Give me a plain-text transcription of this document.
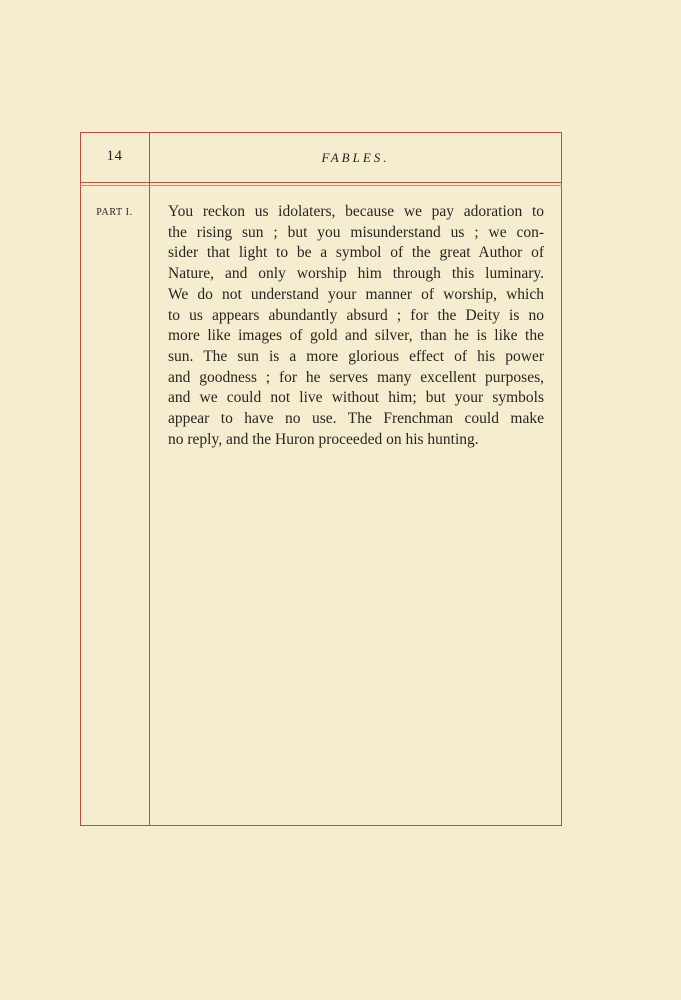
14	FABLES.
PART I.	You reckon us idolaters, because we pay adoration to
the rising sun ; but you misunderstand us ; we con-
sider that light to be a symbol of the great Author of
Nature, and only worship him through this luminary.
We do not understand your manner of worship, which
to us appears abundantly absurd ; for the Deity is no
more like images of gold and silver, than he is like the
sun. The sun is a more glorious effect of his power
and goodness ; for he serves many excellent purposes,
and we could not live without him; but your symbols
appear to have no use. The Frenchman could make
no reply, and the Huron proceeded on his hunting.
